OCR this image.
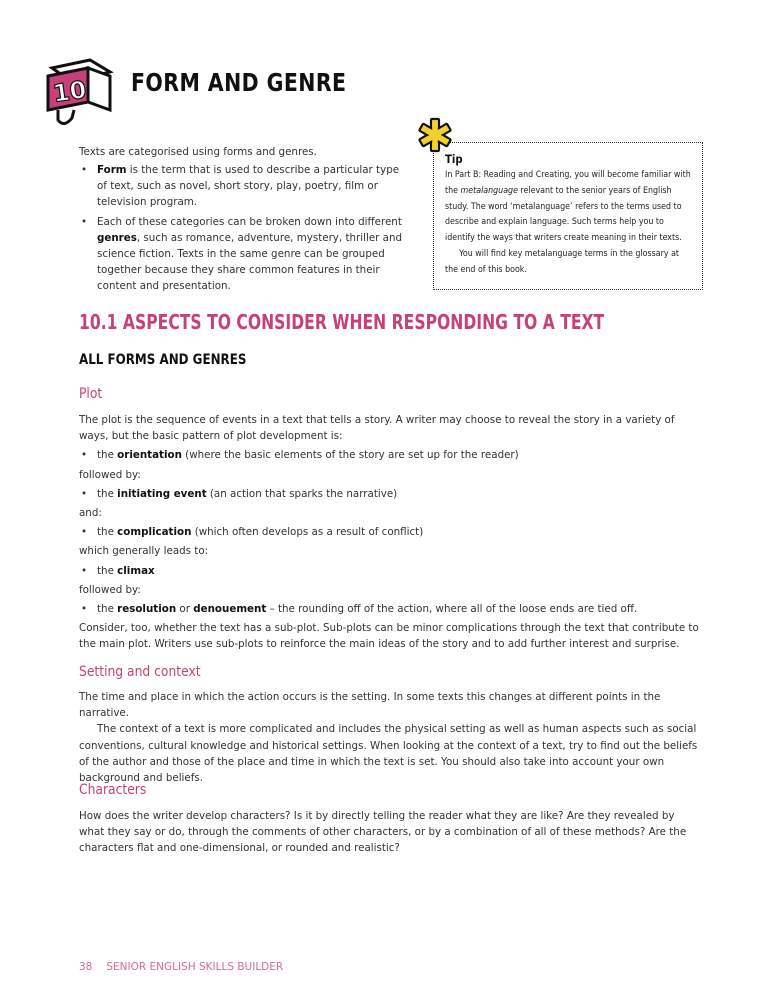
10 FORM AND GENRE

Texts are categorised using forms and genres.

• Form is the term that is used to describe a particular type of text, such as novel, short story, play, poetry, film or television program.
• Each of these categories can be broken down into different genres, such as romance, adventure, mystery, thriller and science fiction. Texts in the same genre can be grouped together because they share common features in their content and presentation.
Tip

In Part B: Reading and Creating, you will become familiar with the metalanguage relevant to the senior years of English study. The word ‘metalanguage’ refers to the terms used to describe and explain language. Such terms help you to identify the ways that writers create meaning in their texts.

You will find key metalanguage terms in the glossary at the end of this book.

10.1 ASPECTS TO CONSIDER WHEN RESPONDING TO A TEXT
ALL FORMS AND GENRES
Plot

The plot is the sequence of events in a text that tells a story. A writer may choose to reveal the story in a variety of ways, but the basic pattern of plot development is:

• the orientation (where the basic elements of the story are set up for the reader)

followed by:

• the initiating event (an action that sparks the narrative)

and:

• the complication (which often develops as a result of conflict)

which generally leads to:

• the climax

followed by:

• the resolution or denouement – the rounding off of the action, where all of the loose ends are tied off.

Consider, too, whether the text has a sub-plot. Sub-plots can be minor complications through the text that contribute to the main plot. Writers use sub-plots to reinforce the main ideas of the story and to add further interest and surprise.

Setting and context

The time and place in which the action occurs is the setting. In some texts this changes at different points in the narrative.

The context of a text is more complicated and includes the physical setting as well as human aspects such as social conventions, cultural knowledge and historical settings. When looking at the context of a text, try to find out the beliefs of the author and those of the place and time in which the text is set. You should also take into account your own background and beliefs.

Characters

How does the writer develop characters? Is it by directly telling the reader what they are like? Are they revealed by what they say or do, through the comments of other characters, or by a combination of all of these methods? Are the characters flat and one-dimensional, or rounded and realistic?

38 SENIOR ENGLISH SKILLS BUILDER
